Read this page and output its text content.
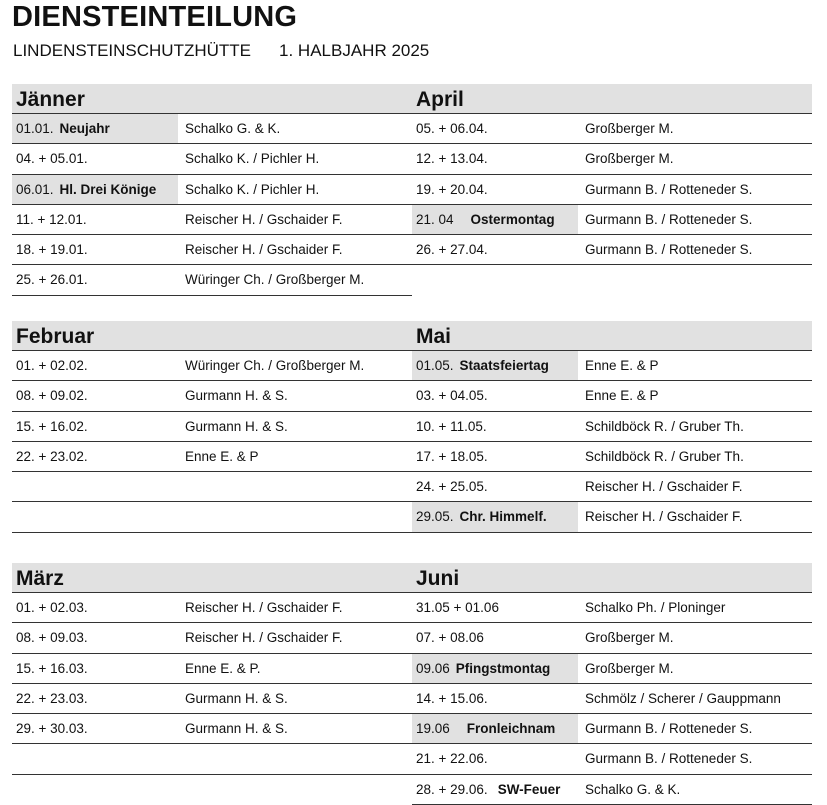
DIENSTEINTEILUNG
LINDENSTEINSCHUTZHÜTTE 1. HALBJAHR 2025
Jänner
01.01. Neujahr	Schalko G. & K.
04. + 05.01.	Schalko K. / Pichler H.
06.01. Hl. Drei Könige	Schalko K. / Pichler H.
11. + 12.01.	Reischer H. / Gschaider F.
18. + 19.01.	Reischer H. / Gschaider F.
25. + 26.01.	Würinger Ch. / Großberger M.
April
05. + 06.04.	Großberger M.
12. + 13.04.	Großberger M.
19. + 20.04.	Gurmann B. / Rotteneder S.
21. 04 Ostermontag	Gurmann B. / Rotteneder S.
26. + 27.04.	Gurmann B. / Rotteneder S.
Februar
01. + 02.02.	Würinger Ch. / Großberger M.
08. + 09.02.	Gurmann H. & S.
15. + 16.02.	Gurmann H. & S.
22. + 23.02.	Enne E. & P
Mai
01.05. Staatsfeiertag	Enne E. & P
03. + 04.05.	Enne E. & P
10. + 11.05.	Schildböck R. / Gruber Th.
17. + 18.05.	Schildböck R. / Gruber Th.
24. + 25.05.	Reischer H. / Gschaider F.
29.05. Chr. Himmelf.	Reischer H. / Gschaider F.
März
01. + 02.03.	Reischer H. / Gschaider F.
08. + 09.03.	Reischer H. / Gschaider F.
15. + 16.03.	Enne E. & P.
22. + 23.03.	Gurmann H. & S.
29. + 30.03.	Gurmann H. & S.
Juni
31.05 + 01.06	Schalko Ph. / Ploninger
07. + 08.06	Großberger M.
09.06 Pfingstmontag	Großberger M.
14. + 15.06.	Schmölz / Scherer / Gauppmann
19.06 Fronleichnam	Gurmann B. / Rotteneder S.
21. + 22.06.	Gurmann B. / Rotteneder S.
28. + 29.06. SW-Feuer	Schalko G. & K.
